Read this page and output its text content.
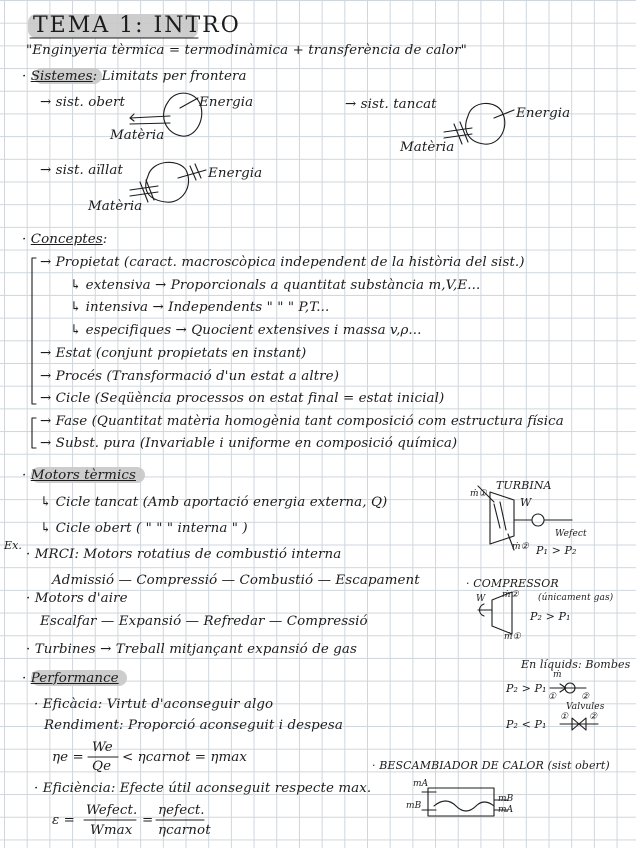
TEMA 1: INTRO
"Enginyeria tèrmica = termodinàmica + transferència de calor"
· Sistemes: Limitats per frontera
→ sist. obert	Energia
Matèria
→ sist. tancat
Energia
Matèria
→ sist. aïllat	Energia
Matèria
· Conceptes:
→ Propietat (caract. macroscòpica independent de la història del sist.)
↳ extensiva → Proporcionals a quantitat substància m,V,E...
↳ intensiva → Independents " " " P,T...
↳ especifiques → Quocient extensives i massa v,ρ...
→ Estat (conjunt propietats en instant)
→ Procés (Transformació d'un estat a altre)
→ Cicle (Seqüència processos on estat final = estat inicial)
→ Fase (Quantitat matèria homogènia tant composició com estructura física
→ Subst. pura (Invariable i uniforme en composició química)
· Motors tèrmics
↳ Cicle tancat (Amb aportació energia externa, Q)
↳ Cicle obert ( " " " interna " )
Ex.
· MRCI: Motors rotatius de combustió interna
Admissió — Compressió — Combustió — Escapament
· Motors d'aire
Escalfar — Expansió — Refredar — Compressió
· Turbines → Treball mitjançant expansió de gas
TURBINA
ṁ①
W
Wefect
ṁ② P₁ > P₂
· COMPRESSOR
W ṁ② (únicament gas)
P₂ > P₁
ṁ①
En líquids: Bombes
ṁ
P₂ > P₁
①	②
Valvules
P₂ < P₁
① ②
· Performance
· Eficàcia: Virtut d'aconseguir algo
Rendiment: Proporció aconseguit i despesa
ηe =
We
Qe
< ηcarnot = ηmax
· Eficiència: Efecte útil aconseguit respecte max.
ε =
Wefect.
Wmax
=
ηefect.
ηcarnot
· BESCAMBIADOR DE CALOR (sist obert)
mA
mB
mB
mA
